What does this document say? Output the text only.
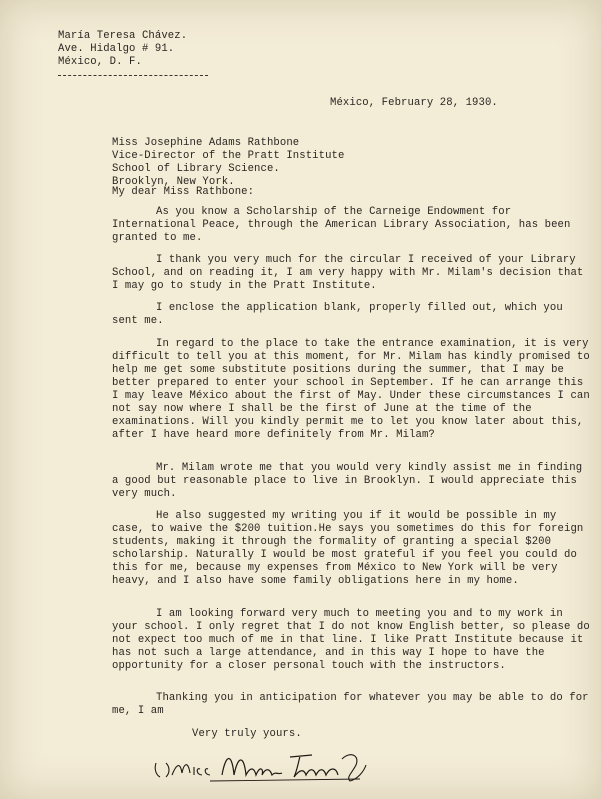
María Teresa Chávez.
Ave. Hidalgo # 91.
México, D. F.
México, February 28, 1930.
Miss Josephine Adams Rathbone
Vice-Director of the Pratt Institute
School of Library Science.
Brooklyn, New York.
My dear Miss Rathbone:

As you know a Scholarship of the Carneige Endowment for International Peace, through the American Library Association, has been granted to me.

I thank you very much for the circular I received of your Library School, and on reading it, I am very happy with Mr. Milam's decision that I may go to study in the Pratt Institute.

I enclose the application blank, properly filled out, which you sent me.

In regard to the place to take the entrance examination, it is very difficult to tell you at this moment, for Mr. Milam has kindly promised to help me get some substitute positions during the summer, that I may be better prepared to enter your school in September. If he can arrange this I may leave México about the first of May. Under these circumstances I can not say now where I shall be the first of June at the time of the examinations. Will you kindly permit me to let you know later about this, after I have heard more definitely from Mr. Milam?

Mr. Milam wrote me that you would very kindly assist me in finding a good but reasonable place to live in Brooklyn. I would appreciate this very much.

He also suggested my writing you if it would be possible in my case, to waive the $200 tuition.He says you sometimes do this for foreign students, making it through the formality of granting a special $200 scholarship. Naturally I would be most grateful if you feel you could do this for me, because my expenses from México to New York will be very heavy, and I also have some family obligations here in my home.

I am looking forward very much to meeting you and to my work in your school. I only regret that I do not know English better, so please do not expect too much of me in that line. I like Pratt Institute because it has not such a large attendance, and in this way I hope to have the opportunity for a closer personal touch with the instructors.

Thanking you in anticipation for whatever you may be able to do for me, I am

Very truly yours.
